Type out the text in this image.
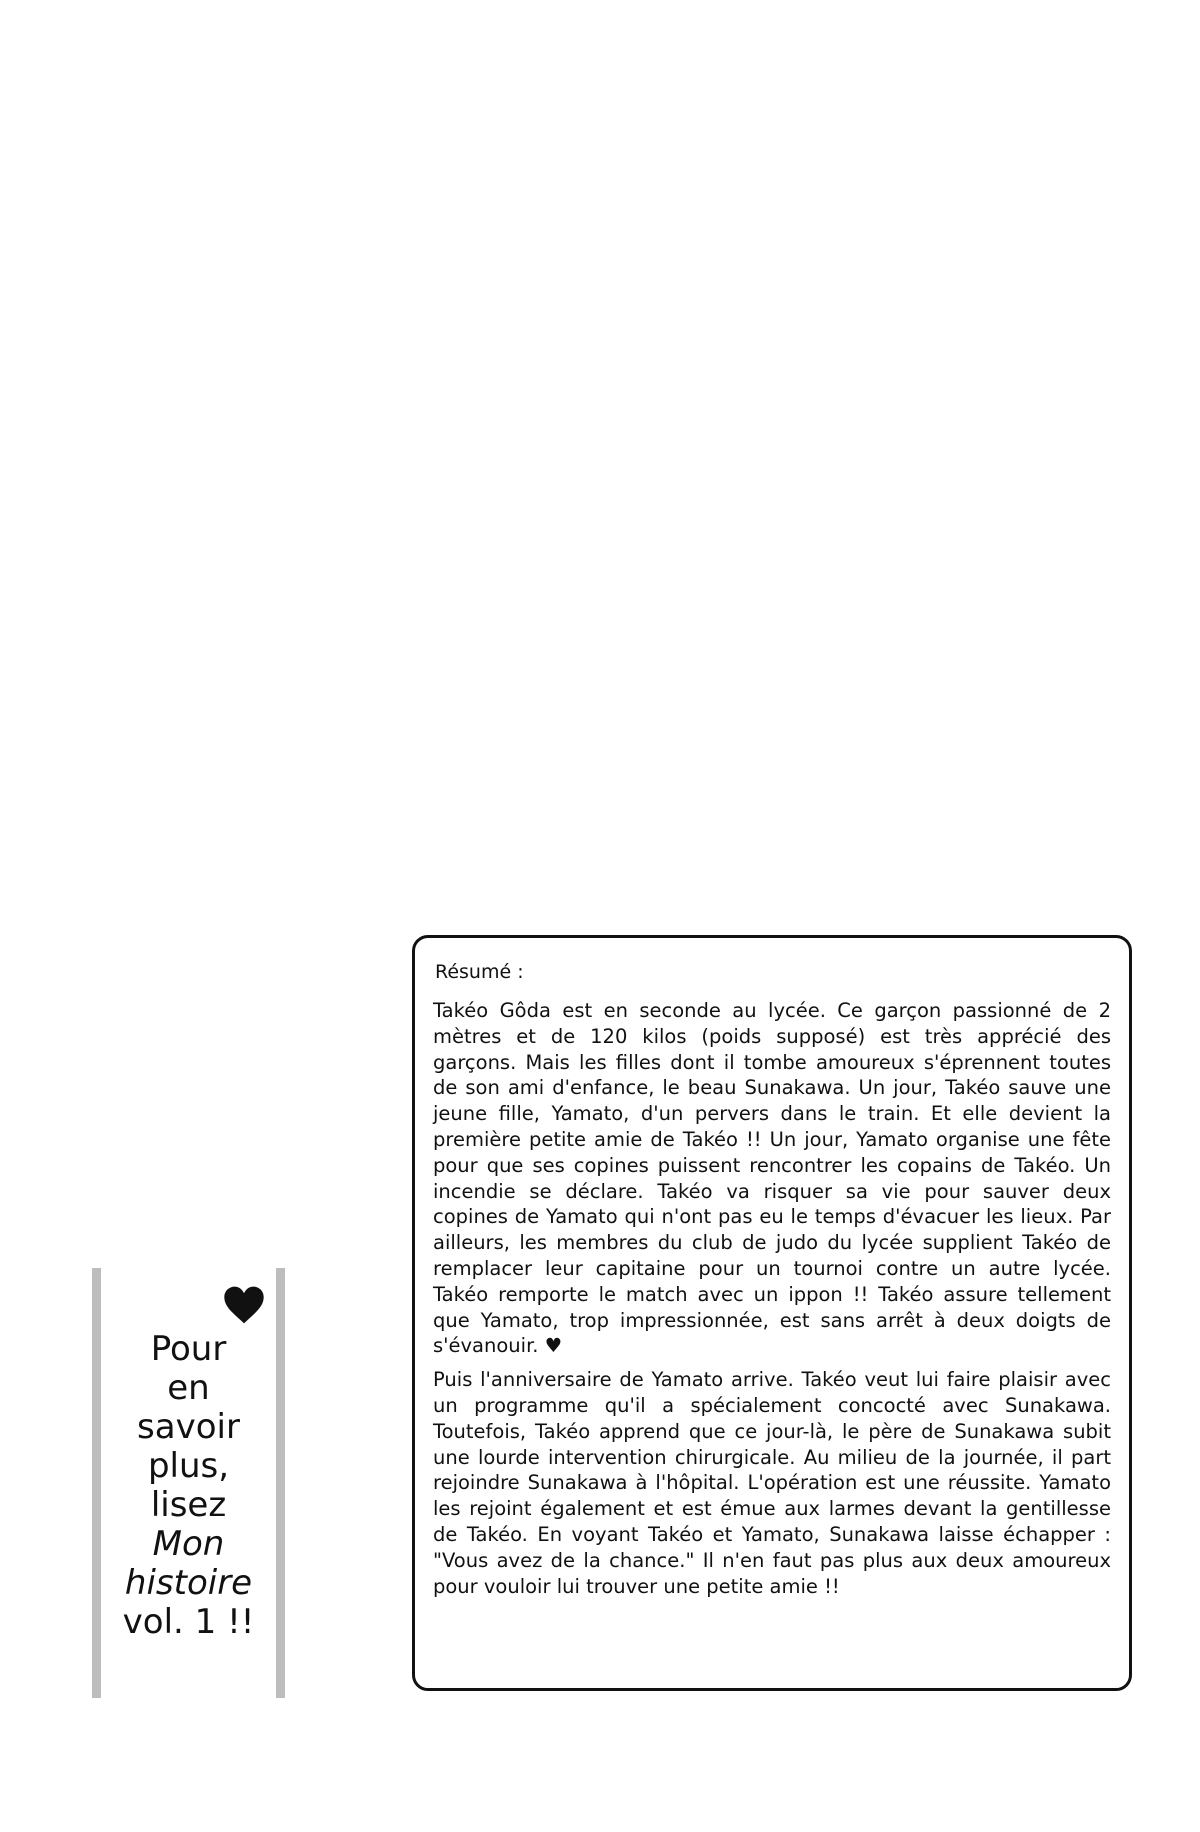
Pour
en
savoir
plus,
lisez
Mon
histoire
vol. 1 !!
Résumé :

Takéo Gôda est en seconde au lycée. Ce garçon passionné de 2 mètres et de 120 kilos (poids supposé) est très apprécié des garçons. Mais les filles dont il tombe amoureux s'éprennent toutes de son ami d'enfance, le beau Sunakawa. Un jour, Takéo sauve une jeune fille, Yamato, d'un pervers dans le train. Et elle devient la première petite amie de Takéo !! Un jour, Yamato organise une fête pour que ses copines puissent rencontrer les copains de Takéo. Un incendie se déclare. Takéo va risquer sa vie pour sauver deux copines de Yamato qui n'ont pas eu le temps d'évacuer les lieux. Par ailleurs, les membres du club de judo du lycée supplient Takéo de remplacer leur capitaine pour un tournoi contre un autre lycée. Takéo remporte le match avec un ippon !! Takéo assure tellement que Yamato, trop impressionnée, est sans arrêt à deux doigts de s'évanouir. ♥

Puis l'anniversaire de Yamato arrive. Takéo veut lui faire plaisir avec un programme qu'il a spécialement concocté avec Sunakawa. Toutefois, Takéo apprend que ce jour-là, le père de Sunakawa subit une lourde intervention chirurgicale. Au milieu de la journée, il part rejoindre Sunakawa à l'hôpital. L'opération est une réussite. Yamato les rejoint également et est émue aux larmes devant la gentillesse de Takéo. En voyant Takéo et Yamato, Sunakawa laisse échapper : "Vous avez de la chance." Il n'en faut pas plus aux deux amoureux pour vouloir lui trouver une petite amie !!
